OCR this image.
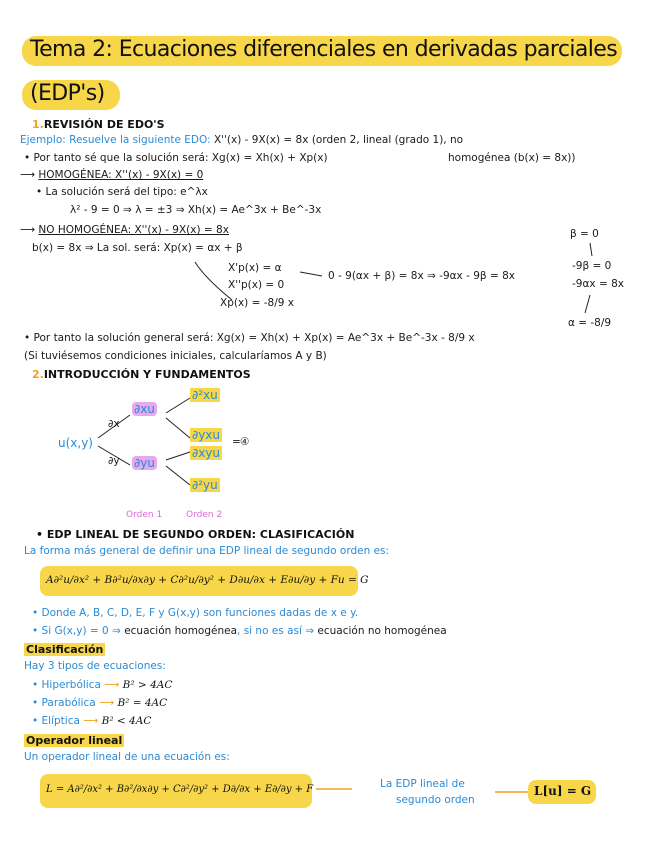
Tema 2: Ecuaciones diferenciales en derivadas parciales
(EDP's)
1.REVISIÓN DE EDO'S
Ejemplo: Resuelve la siguiente EDO: X''(x) - 9X(x) = 8x (orden 2, lineal (grado 1), no
• Por tanto sé que la solución será: Xg(x) = Xh(x) + Xp(x)	homogénea (b(x) = 8x))
⟶ HOMOGÉNEA: X''(x) - 9X(x) = 0
• La solución será del tipo: e^λx
λ² - 9 = 0 ⇒ λ = ±3 ⇒ Xh(x) = Ae^3x + Be^-3x
⟶ NO HOMOGÉNEA: X''(x) - 9X(x) = 8x
b(x) = 8x ⇒ La sol. será: Xp(x) = αx + β
X'p(x) = α
X''p(x) = 0
Xp(x) = -8/9 x
0 - 9(αx + β) = 8x ⇒ -9αx - 9β = 8x
-9β = 0
-9αx = 8x
β = 0
α = -8/9
• Por tanto la solución general será: Xg(x) = Xh(x) + Xp(x) = Ae^3x + Be^-3x - 8/9 x
(Si tuviésemos condiciones iniciales, calcularíamos A y B)
2.INTRODUCCIÓN Y FUNDAMENTOS
u(x,y)
∂x
∂y
∂xu
∂yu
∂²xu
∂yxu
∂xyu
∂²yu
= ④
Orden 1	Orden 2
• EDP LINEAL DE SEGUNDO ORDEN: CLASIFICACIÓN
La forma más general de definir una EDP lineal de segundo orden es:
A∂²u/∂x² + B∂²u/∂x∂y + C∂²u/∂y² + D∂u/∂x + E∂u/∂y + Fu = G
• Donde A, B, C, D, E, F y G(x,y) son funciones dadas de x e y.
• Si G(x,y) = 0 ⇒ ecuación homogénea, si no es así ⇒ ecuación no homogénea
Clasificación
Hay 3 tipos de ecuaciones:
• Hiperbólica ⟶ B² > 4AC
• Parabólica ⟶ B² = 4AC
• Elíptica ⟶ B² < 4AC
Operador lineal
Un operador lineal de una ecuación es:
L = A∂²/∂x² + B∂²/∂x∂y + C∂²/∂y² + D∂/∂x + E∂/∂y + F	La EDP lineal de
segundo orden
L[u] = G
